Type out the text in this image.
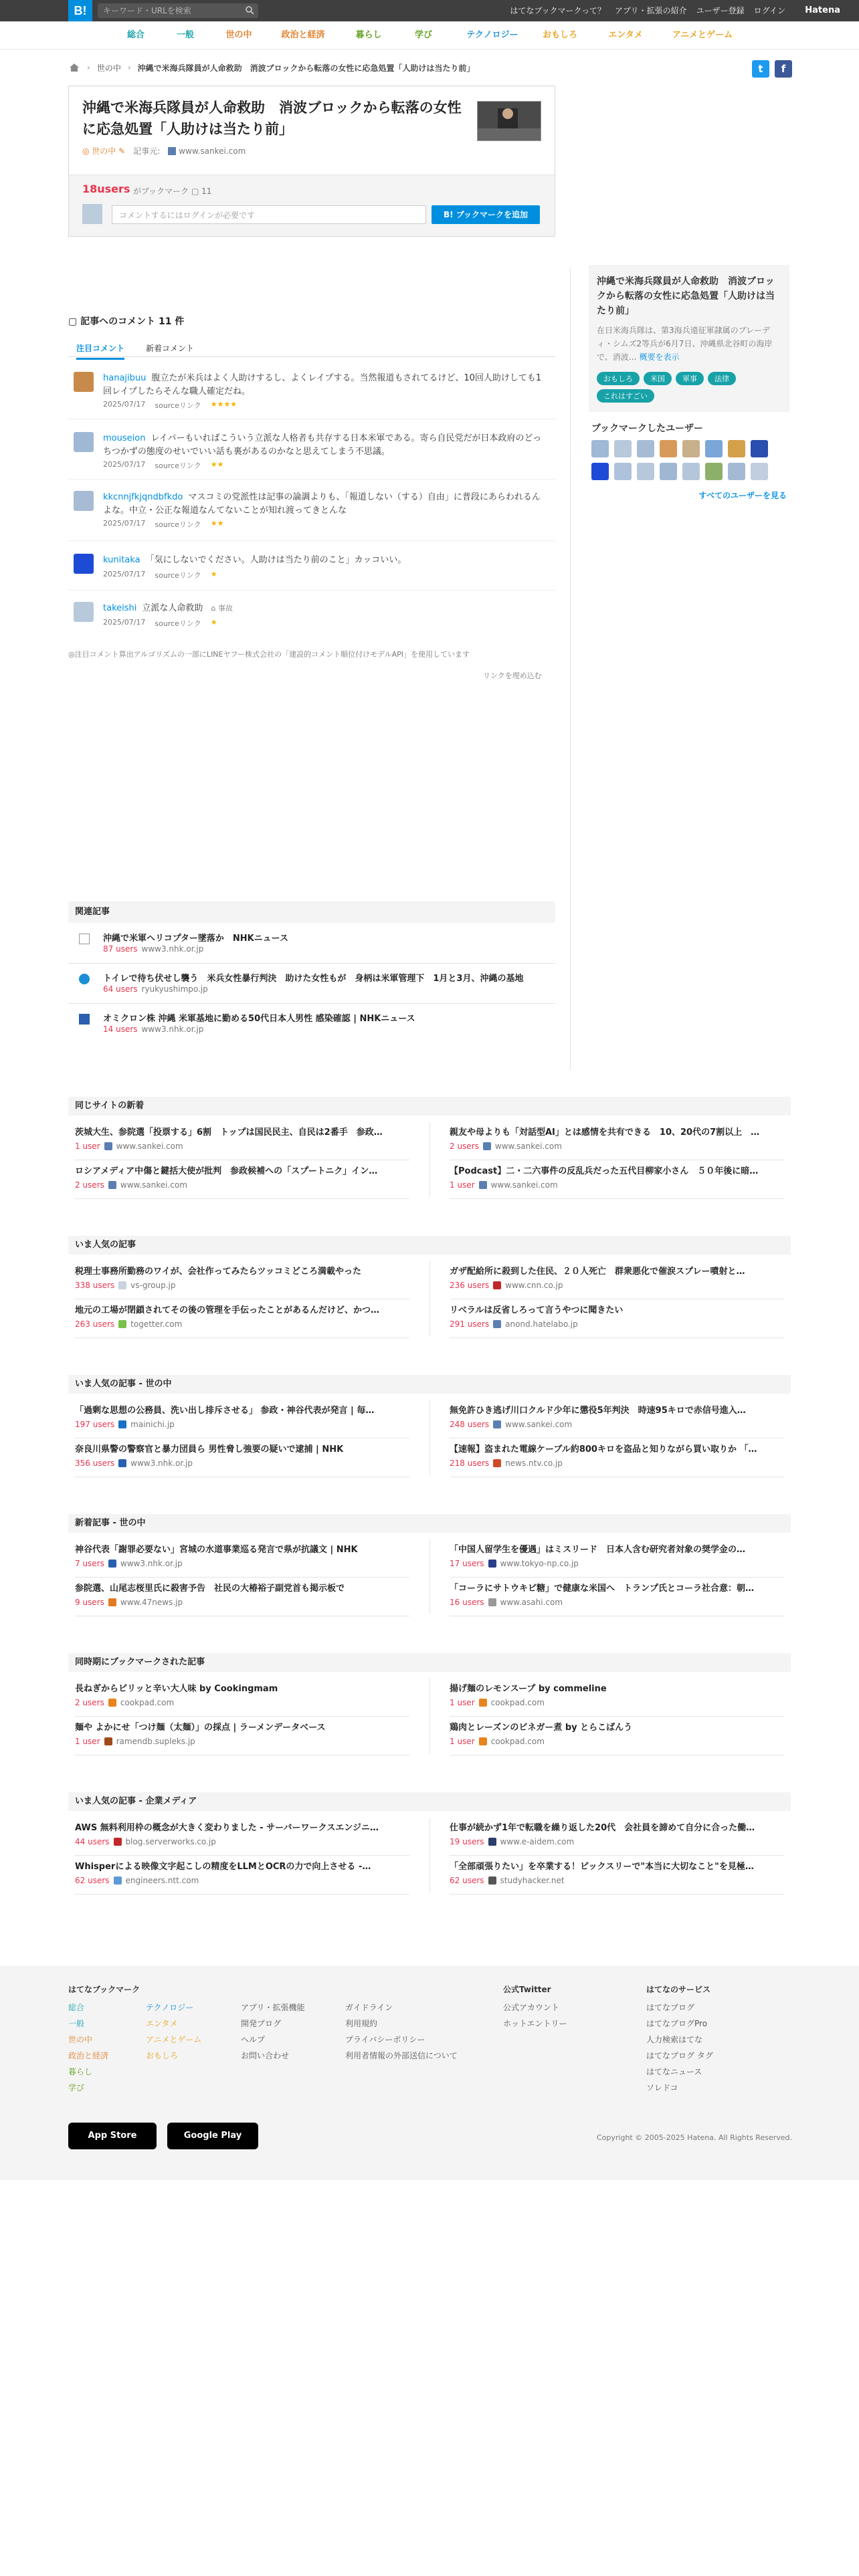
B!	キーワード・URLを検索	はてなブックマークって？ アプリ・拡張の紹介 ユーザー登録 ログイン Hatena
総合	一般	世の中	政治と経済	暮らし	学び	テクノロジー	おもしろ	エンタメ	アニメとゲーム
› 世の中 › 沖縄で米海兵隊員が人命救助　消波ブロックから転落の女性に応急処置「人助けは当たり前」	t	f
沖縄で米海兵隊員が人命救助　消波ブロックから転落の女性に応急処置「人助けは当たり前」
◎ 世の中 ✎ 記事元:	www.sankei.com
18users がブックマーク ▢ 11
コメントするにはログインが必要です	B! ブックマークを追加
沖縄で米海兵隊員が人命救助　消波ブロックから転落の女性に応急処置「人助けは当たり前」
在日米海兵隊は、第3海兵遠征軍隷属のブレーディ・シムズ2等兵が6月7日、沖縄県北谷町の海岸で、消波… 概要を表示
おもしろ	米国	軍事	法律
これはすごい
ブックマークしたユーザー
すべてのユーザーを見る
▢ 記事へのコメント 11 件
注目コメント	新着コメント
hanajibuu 腹立たが米兵はよく人助けするし、よくレイプする。当然報道もされてるけど、10回人助けしても1回レイプしたらそんな職人確定だね。
2025/07/17 sourceリンク ★★★★
mouseion レイパーもいればこういう立派な人格者も共存する日本米軍である。寄ら自民党だが日本政府のどっちつかずの態度のせいでいい話も裏があるのかなと思えてしまう不思議。
2025/07/17 sourceリンク ★★
kkcnnjfkjqndbfkdo マスコミの党派性は記事の論調よりも、「報道しない（する）自由」に普段にあらわれるんよな。中立・公正な報道なんてないことが知れ渡ってきとんな
2025/07/17 sourceリンク ★★
kunitaka 「気にしないでください。人助けは当たり前のこと」カッコいい。
2025/07/17 sourceリンク ★
takeishi 立派な人命救助 ⌂ 事故
2025/07/17 sourceリンク ★
◎注目コメント算出アルゴリズムの一部にLINEヤフー株式会社の「建設的コメント順位付けモデルAPI」を使用しています
リンクを埋め込む
関連記事
沖縄で米軍ヘリコプター墜落か　NHKニュース
87 users www3.nhk.or.jp
トイレで待ち伏せし襲う　米兵女性暴行判決　助けた女性もが　身柄は米軍管理下　1月と3月、沖縄の基地
64 users ryukyushimpo.jp
オミクロン株 沖縄 米軍基地に勤める50代日本人男性 感染確認 | NHKニュース
14 users www3.nhk.or.jp
同じサイトの新着
茨城大生、参院選「投票する」6割　トップは国民民主、自民は2番手　参政…
1 user www.sankei.com
ロシアメディア中傷と鍵括大使が批判　参政候補への「スプートニク」イン…
2 users www.sankei.com
親友や母よりも「対話型AI」とは感情を共有できる　10、20代の7割以上　…
2 users www.sankei.com
【Podcast】二・二六事件の反乱兵だった五代目柳家小さん　５０年後に暗…
1 user www.sankei.com
いま人気の記事
税理士事務所勤務のワイが、会社作ってみたらツッコミどころ満載やった
338 users vs-group.jp
地元の工場が閉鎖されてその後の管理を手伝ったことがあるんだけど、かつ…
263 users togetter.com
ガザ配給所に殺到した住民、２０人死亡　群衆悪化で催涙スプレー噴射と…
236 users www.cnn.co.jp
リベラルは反省しろって言うやつに聞きたい
291 users anond.hatelabo.jp
いま人気の記事 - 世の中
「過剰な思想の公務員、洗い出し排斥させる」 参政・神谷代表が発言 | 毎…
197 users mainichi.jp
奈良川県警の警察官と暴力団員ら 男性脅し強要の疑いで逮捕 | NHK
356 users www3.nhk.or.jp
無免許ひき逃げ川口クルド少年に懲役5年判決　時速95キロで赤信号進入…
248 users www.sankei.com
【速報】盗まれた電線ケーブル約800キロを盗品と知りながら買い取りか 「…
218 users news.ntv.co.jp
新着記事 - 世の中
神谷代表「謝罪必要ない」宮城の水道事業巡る発言で県が抗議文 | NHK
7 users www3.nhk.or.jp
参院選、山尾志桜里氏に殺害予告　社民の大椿裕子副党首も掲示板で
9 users www.47news.jp
「中国人留学生を優遇」はミスリード　日本人含む研究者対象の奨学金の…
17 users www.tokyo-np.co.jp
「コーラにサトウキビ糖」で健康な米国へ　トランプ氏とコーラ社合意：朝…
16 users www.asahi.com
同時期にブックマークされた記事
長ねぎからピリッと辛い大人味 by Cookingmam
2 users cookpad.com
麺や よかにせ「つけ麺（太麺）」の採点 | ラーメンデータベース
1 user ramendb.supleks.jp
揚げ麺のレモンスープ by commeline
1 user cookpad.com
鶏肉とレーズンのビネガー煮 by とらこばんう
1 user cookpad.com
いま人気の記事 - 企業メディア
AWS 無料利用枠の概念が大きく変わりました - サーバーワークスエンジニ…
44 users blog.serverworks.co.jp
Whisperによる映像文字起こしの精度をLLMとOCRの力で向上させる -…
62 users engineers.ntt.com
仕事が続かず1年で転職を繰り返した20代　会社員を諦めて自分に合った働…
19 users www.e-aidem.com
「全部頑張りたい」を卒業する！ピックスリーで"本当に大切なこと"を見極…
62 users studyhacker.net
はてなブックマーク
総合
一般
世の中
政治と経済
暮らし
学び
テクノロジー
エンタメ
アニメとゲーム
おもしろ
アプリ・拡張機能
開発ブログ
ヘルプ
お問い合わせ
ガイドライン
利用規約
プライバシーポリシー
利用者情報の外部送信について
公式Twitter
公式アカウント
ホットエントリー
はてなのサービス
はてなブログ
はてなブログPro
人力検索はてな
はてなブログ タグ
はてなニュース
ソレドコ
App Store	Google Play	Copyright © 2005-2025 Hatena. All Rights Reserved.
